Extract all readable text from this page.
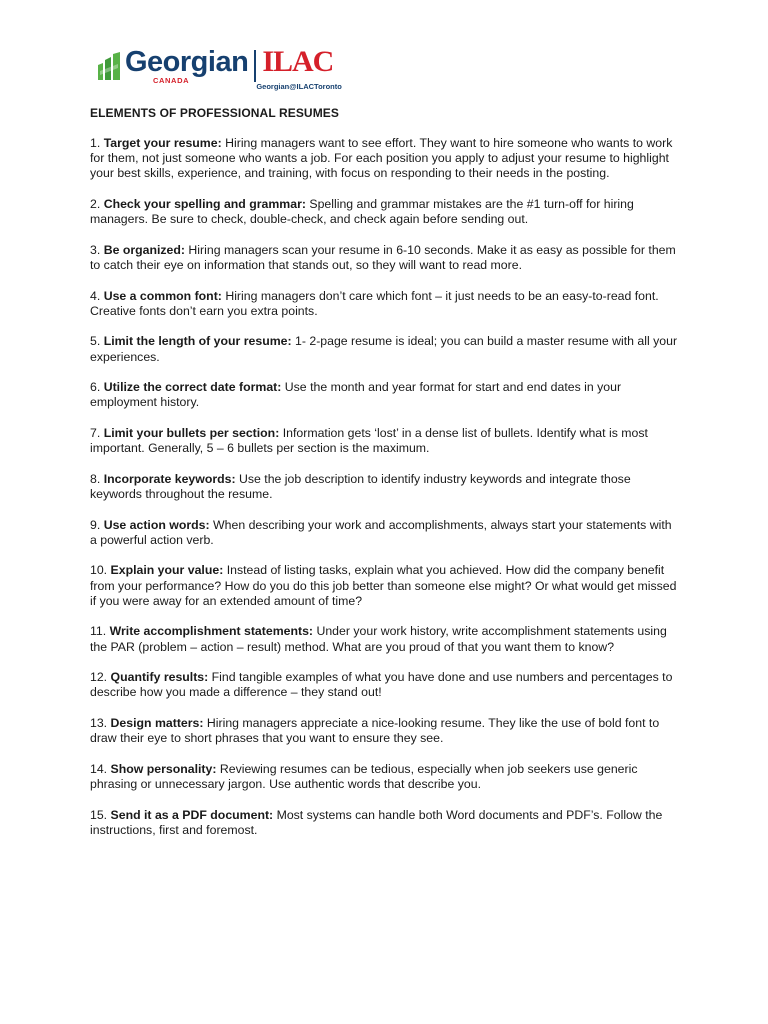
Georgian
CANADA
ILAC
Georgian@ILACToronto
ELEMENTS OF PROFESSIONAL RESUMES
1. Target your resume: Hiring managers want to see effort. They want to hire someone who wants to work for them, not just someone who wants a job. For each position you apply to adjust your resume to highlight your best skills, experience, and training, with focus on responding to their needs in the posting.
2. Check your spelling and grammar: Spelling and grammar mistakes are the #1 turn-off for hiring managers. Be sure to check, double-check, and check again before sending out.
3. Be organized: Hiring managers scan your resume in 6-10 seconds. Make it as easy as possible for them to catch their eye on information that stands out, so they will want to read more.
4. Use a common font: Hiring managers don’t care which font – it just needs to be an easy-to-read font. Creative fonts don’t earn you extra points.
5. Limit the length of your resume: 1- 2-page resume is ideal; you can build a master resume with all your experiences.
6. Utilize the correct date format: Use the month and year format for start and end dates in your employment history.
7. Limit your bullets per section: Information gets ‘lost’ in a dense list of bullets. Identify what is most important. Generally, 5 – 6 bullets per section is the maximum.
8. Incorporate keywords: Use the job description to identify industry keywords and integrate those keywords throughout the resume.
9. Use action words: When describing your work and accomplishments, always start your statements with a powerful action verb.
10. Explain your value: Instead of listing tasks, explain what you achieved. How did the company benefit from your performance? How do you do this job better than someone else might? Or what would get missed if you were away for an extended amount of time?
11. Write accomplishment statements: Under your work history, write accomplishment statements using the PAR (problem – action – result) method. What are you proud of that you want them to know?
12. Quantify results: Find tangible examples of what you have done and use numbers and percentages to describe how you made a difference – they stand out!
13. Design matters: Hiring managers appreciate a nice-looking resume. They like the use of bold font to draw their eye to short phrases that you want to ensure they see.
14. Show personality: Reviewing resumes can be tedious, especially when job seekers use generic phrasing or unnecessary jargon. Use authentic words that describe you.
15. Send it as a PDF document: Most systems can handle both Word documents and PDF’s. Follow the instructions, first and foremost.
